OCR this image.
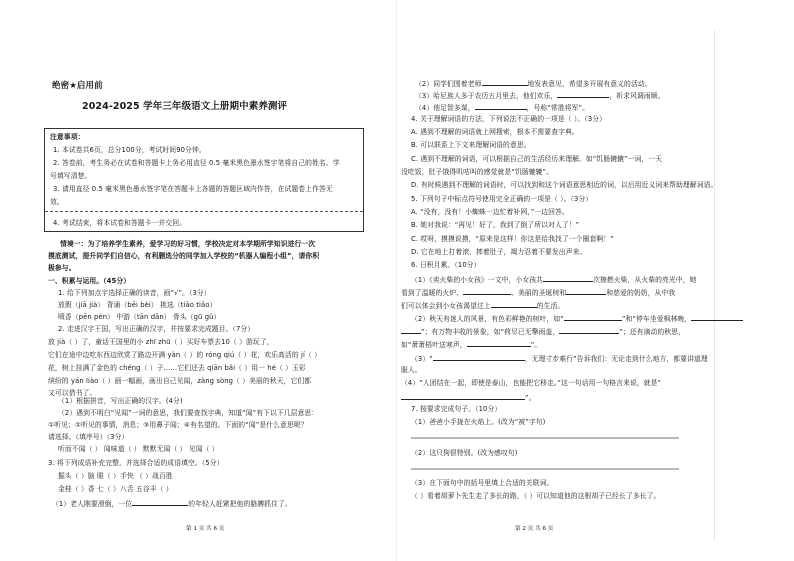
绝密★启用前
2024-2025 学年三年级语文上册期中素养测评
注意事项：
1. 本试卷共6页，总分100分，考试时间90分钟。
2. 答卷前，考生务必在试卷和答题卡上务必用直径 0.5 毫米黑色墨水签字笔将自己的姓名、学
号填写清楚。
3. 请用直径 0.5 毫米黑色墨水签字笔在答题卡上各题的答题区域内作答，在试题卷上作答无
效。
4. 考试结束，将本试卷和答题卡一并交回。
情境一：为了培养学生素养，爱学习的好习惯，学校决定对本学期所学知识进行一次
摸底测试，提升同学们自信心，有利删选分的同学加入学校的“机器人编程小组”，请你积
极参与。
一、积累与运用。（45分）
1. 给下列加点字选择正确的读音，画“√”。（3分）
放假（jiā jià） 背诵（bēi bèi） 挑选（tiāo tiǎo）
喷香（pēn pèn） 中游（tān dān） 骨头（gū gǔ）
2. 走进汉字王国，写出正确的汉字，并按要求完成题目。（7分）
放 jià（ ）了，童话王国里的小 zhī zhū（ ）买好车票去10（ ）游玩了，
它们在途中边吃东西边欣赏了路边开满 yàn（ ）的 róng qiú（ ）花，欢乐高活的 jí（ ）
花，树上挂满了金色的 chéng（ ）子……它们还去 qiān bǎi（ ）用一 hé（ ）玉彩
缤纷的 yán liào（ ）画一幅画，画出自己见闻，zàng sòng（ ）美丽的秋天，它们都
又可以借书了。
（1）根据拼音，写出正确的汉字。(4分)
（2）遇到不明白“见闻”一词的意思，我们要查找字典，知道“闻”有下以下几层意思：
①听见；②听见的事情，消息；③用鼻子闻；④有名望的。下面的“闻”是什么意思呢？
请选择。（填序号）（3分）
听而不闻（ ） 闻味道（ ） 默默无闻（ ） 见闻（ ）
3. 将下列成语补充完整，并选择合适的成语填空。（5分）
掘头（ ）脑 眼（ ）手快 （ ）战百胜
金桂（ ）香 七（ ）八舌 五谷丰（ ）
（1）老人刚要滑倒，一位	的年轻人赶紧把他的胳膊抓住了。
第 1 页 共 6 页
（2）同学们围着老师	地发表意见，希望多开展有意义的活动。
（3）哈尼族人多于农历五月里去，他们欢乐，	，祈求风调雨顺。
（4）他足智多谋，	，号称“常胜将军”。
4. 关于理解词语的方法，下列说法不正确的一项是（ ）。（3分）
A. 遇到不理解的词语就上网搜索，根本不需要查字典。
B. 可以联系上下文来理解词语的意思。
C. 遇到不理解的词语，可以根据自己的生活经历来理解。如“饥肠辘辘”一词，一天
没吃饭，肚子饿得叽咕叫的感觉就是“饥肠辘辘”。
D. 有时候遇到不理解的词语时，可以找到和这个词语意思相近的词，以后用近义词来帮助理解词语。
5. 下列句子中标点符号使用完全正确的一项是（ ）。（3分）
A. “没有，没有！小蜘蛛一边忙着补网，”一边回答。
B. 她对我说：“再见！好了，我到了倒了所以对人了！”
C. 哎呀，摸摸说摸，“原来是这样！你这是给我找了一个圈套啊！”
D. 它在地上打着滚、摔着肚子，竭力忍着不要发出声来。
6. 日积月累。（10分）
（1）《卖火柴的小女孩》一文中，小女孩共	次擦燃火柴，从火柴的亮光中，她
看到了温暖的火炉、	、美丽的圣诞树和	和慈爱的奶奶，从中我
们可以体会到小女孩渴望过上	的生活。
（2）秋天有迷人的风景，有色彩鲜艳的树叶，如“	”和“停车坐爱枫林晚，
”；有万物丰收的景象，如“荷尽已无擎雨盖，	”；还有滴动的秋思，
如“萧萧梧叶送寒声，	”。
（3）“	，无理寸步难行”告诉我们：无论走到什么地方，都要讲道理
服人。
（4）“人团结在一起，即使是泰山，也能把它移走。”这一句话用一句格言来说，就是“
”。
7. 按要求完成句子。（10分）
（1）爸爸小手拢在火焰上。(改为“被”字句)
（2）这只狗很特别。(改为感叹句)
（3）在下面句中的括号里填上合适的关联词。
（ ）看着胡萝卜先生走了多长的路，（ ）可以知道他的这根胡子已经长了多长了。
第 2 页 共 6 页
